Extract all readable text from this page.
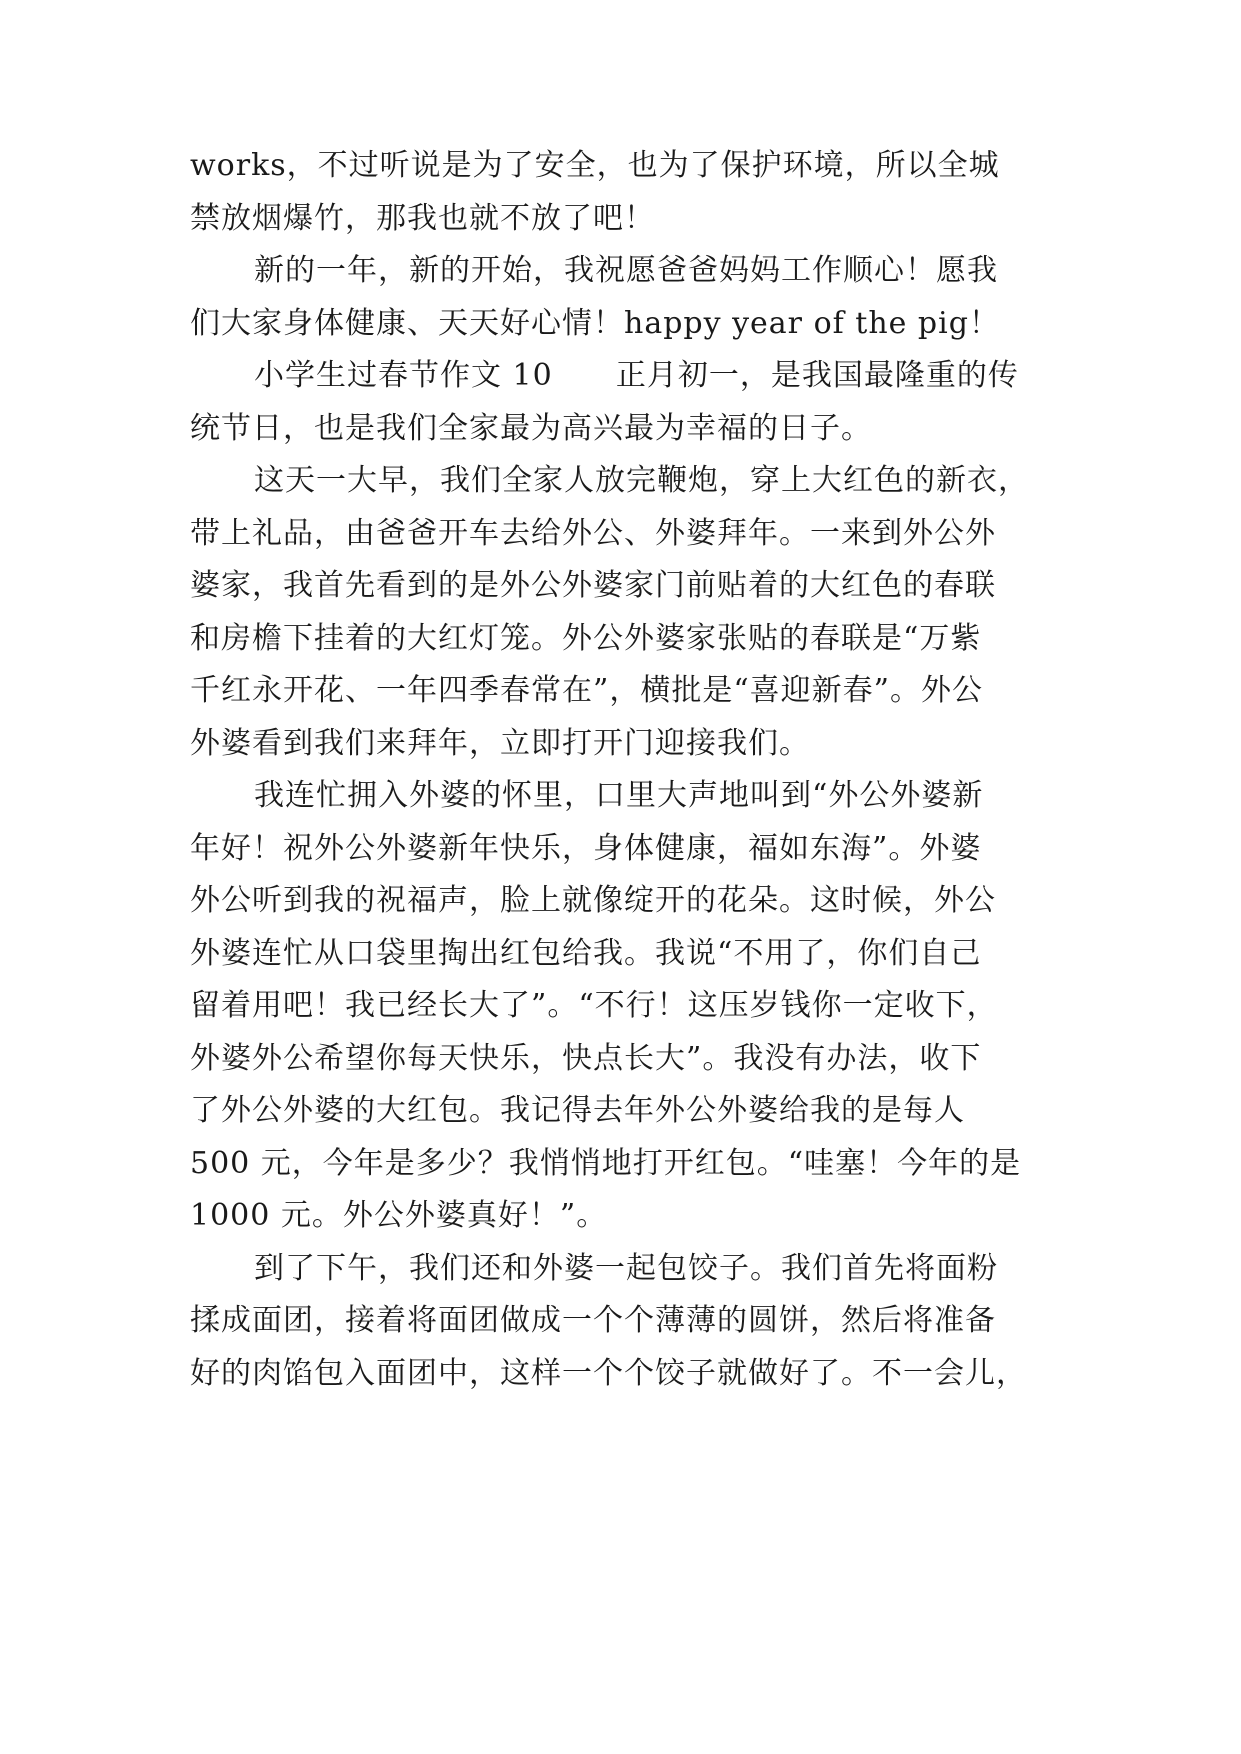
works，不过听说是为了安全，也为了保护环境，所以全城
禁放烟爆竹，那我也就不放了吧！
新的一年，新的开始，我祝愿爸爸妈妈工作顺心！愿我
们大家身体健康、天天好心情！happy year of the pig！
小学生过春节作文 10      正月初一，是我国最隆重的传
统节日，也是我们全家最为高兴最为幸福的日子。
这天一大早，我们全家人放完鞭炮，穿上大红色的新衣，
带上礼品，由爸爸开车去给外公、外婆拜年。一来到外公外
婆家，我首先看到的是外公外婆家门前贴着的大红色的春联
和房檐下挂着的大红灯笼。外公外婆家张贴的春联是“万紫
千红永开花、一年四季春常在”，横批是“喜迎新春”。外公
外婆看到我们来拜年，立即打开门迎接我们。
我连忙拥入外婆的怀里，口里大声地叫到“外公外婆新
年好！祝外公外婆新年快乐，身体健康，福如东海”。外婆
外公听到我的祝福声，脸上就像绽开的花朵。这时候，外公
外婆连忙从口袋里掏出红包给我。我说“不用了，你们自己
留着用吧！我已经长大了”。“不行！这压岁钱你一定收下，
外婆外公希望你每天快乐，快点长大”。我没有办法，收下
了外公外婆的大红包。我记得去年外公外婆给我的是每人
500 元，今年是多少？我悄悄地打开红包。“哇塞！今年的是
1000 元。外公外婆真好！”。
到了下午，我们还和外婆一起包饺子。我们首先将面粉
揉成面团，接着将面团做成一个个薄薄的圆饼，然后将准备
好的肉馅包入面团中，这样一个个饺子就做好了。不一会儿，
